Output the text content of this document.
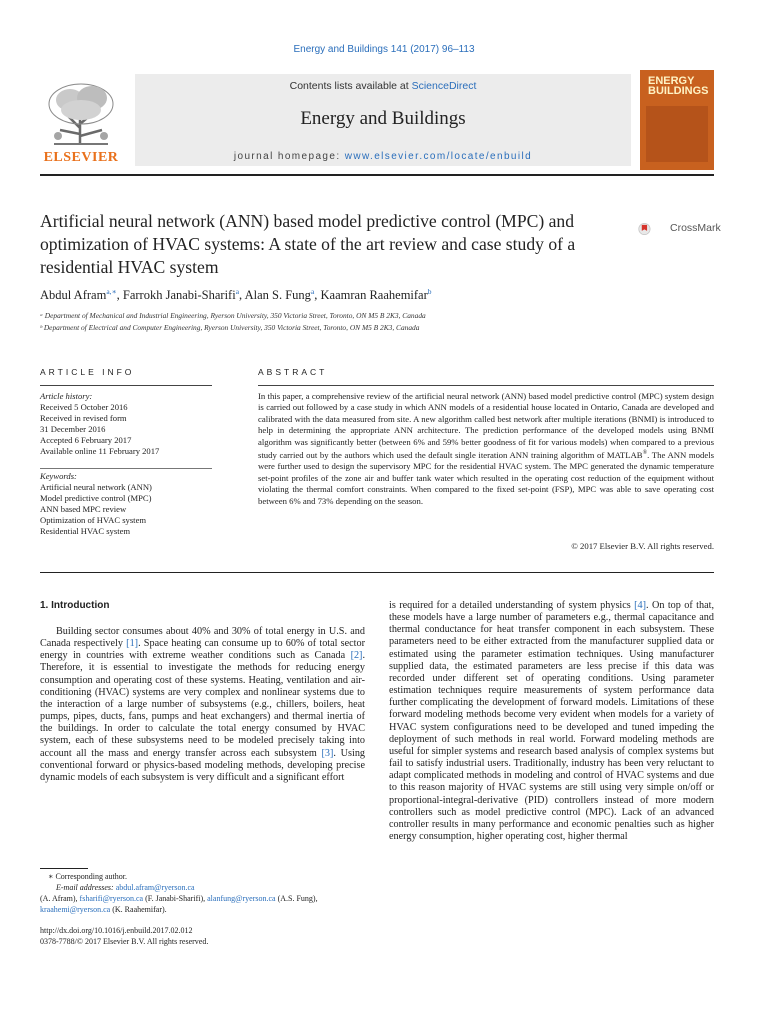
Energy and Buildings 141 (2017) 96–113
ELSEVIER
Contents lists available at ScienceDirect
Energy and Buildings
journal homepage: www.elsevier.com/locate/enbuild
ENERGY BUILDINGS
Artificial neural network (ANN) based model predictive control (MPC) and optimization of HVAC systems: A state of the art review and case study of a residential HVAC system
CrossMark
Abdul Afram$^{a,∗}$, Farrokh Janabi-Sharifi$^a$, Alan S. Fung$^a$, Kaamran Raahemifar$^b$
ᵃ Department of Mechanical and Industrial Engineering, Ryerson University, 350 Victoria Street, Toronto, ON M5 B 2K3, Canada
ᵇ Department of Electrical and Computer Engineering, Ryerson University, 350 Victoria Street, Toronto, ON M5 B 2K3, Canada
ARTICLE INFO	ABSTRACT
Article history:
Received 5 October 2016
Received in revised form
31 December 2016
Accepted 6 February 2017
Available online 11 February 2017
Keywords:
Artificial neural network (ANN)
Model predictive control (MPC)
ANN based MPC review
Optimization of HVAC system
Residential HVAC system
In this paper, a comprehensive review of the artificial neural network (ANN) based model predictive control (MPC) system design is carried out followed by a case study in which ANN models of a residential house located in Ontario, Canada are developed and calibrated with the data measured from site. A new algorithm called best network after multiple iterations (BNMI) is introduced to help in determining the appropriate ANN architecture. The prediction performance of the developed models using BNMI algorithm was significantly better (between 6% and 59% better goodness of fit for various models) when compared to a previous study carried out by the authors which used the default single iteration ANN training algorithm of MATLAB®. The ANN models were further used to design the supervisory MPC for the residential HVAC system. The MPC generated the dynamic temperature set-point profiles of the zone air and buffer tank water which resulted in the operating cost reduction of the equipment without violating the thermal comfort constraints. When compared to the fixed set-point (FSP), MPC was able to save operating cost between 6% and 73% depending on the season.
© 2017 Elsevier B.V. All rights reserved.
1. Introduction
Building sector consumes about 40% and 30% of total energy in U.S. and Canada respectively [1]. Space heating can consume up to 60% of total sector energy in countries with extreme weather conditions such as Canada [2]. Therefore, it is essential to investigate the methods for reducing energy consumption and operating cost of these systems. Heating, ventilation and air-conditioning (HVAC) systems are very complex and nonlinear systems due to the interaction of a large number of subsystems (e.g., chillers, boilers, heat pumps, pipes, ducts, fans, pumps and heat exchangers) and thermal inertia of the buildings. In order to calculate the total energy consumed by HVAC system, each of these subsystems need to be modeled precisely taking into account all the mass and energy transfer across each subsystem [3]. Using conventional forward or physics-based modeling methods, developing precise dynamic models of each subsystem is very difficult and a significant effort
is required for a detailed understanding of system physics [4]. On top of that, these models have a large number of parameters e.g., thermal capacitance and thermal conductance for heat transfer component in each subsystem. These parameters need to be either extracted from the manufacturer supplied data or estimated using the parameter estimation techniques. Using manufacturer supplied data, the estimated parameters are less precise if this data was recorded under different set of operating conditions. Using parameter estimation techniques require measurements of system performance data further complicating the development of forward models. Limitations of these forward modeling methods become very evident when models for a variety of HVAC system configurations need to be developed and tuned impeding the deployment of such methods in real world. Forward modeling methods are useful for simpler systems and research based analysis of complex systems but fail to satisfy industrial users. Traditionally, industry has been very reluctant to adapt complicated methods in modeling and control of HVAC systems and due to this reason majority of HVAC systems are still using very simple on/off or proportional-integral-derivative (PID) controllers instead of more modern controllers such as model predictive control (MPC). Lack of an advanced controller results in many performance and economic penalties such as higher energy consumption, higher operating cost, higher thermal
∗ Corresponding author.
E-mail addresses: abdul.afram@ryerson.ca
(A. Afram), fsharifi@ryerson.ca (F. Janabi-Sharifi), alanfung@ryerson.ca (A.S. Fung),
kraahemi@ryerson.ca (K. Raahemifar).
http://dx.doi.org/10.1016/j.enbuild.2017.02.012
0378-7788/© 2017 Elsevier B.V. All rights reserved.
